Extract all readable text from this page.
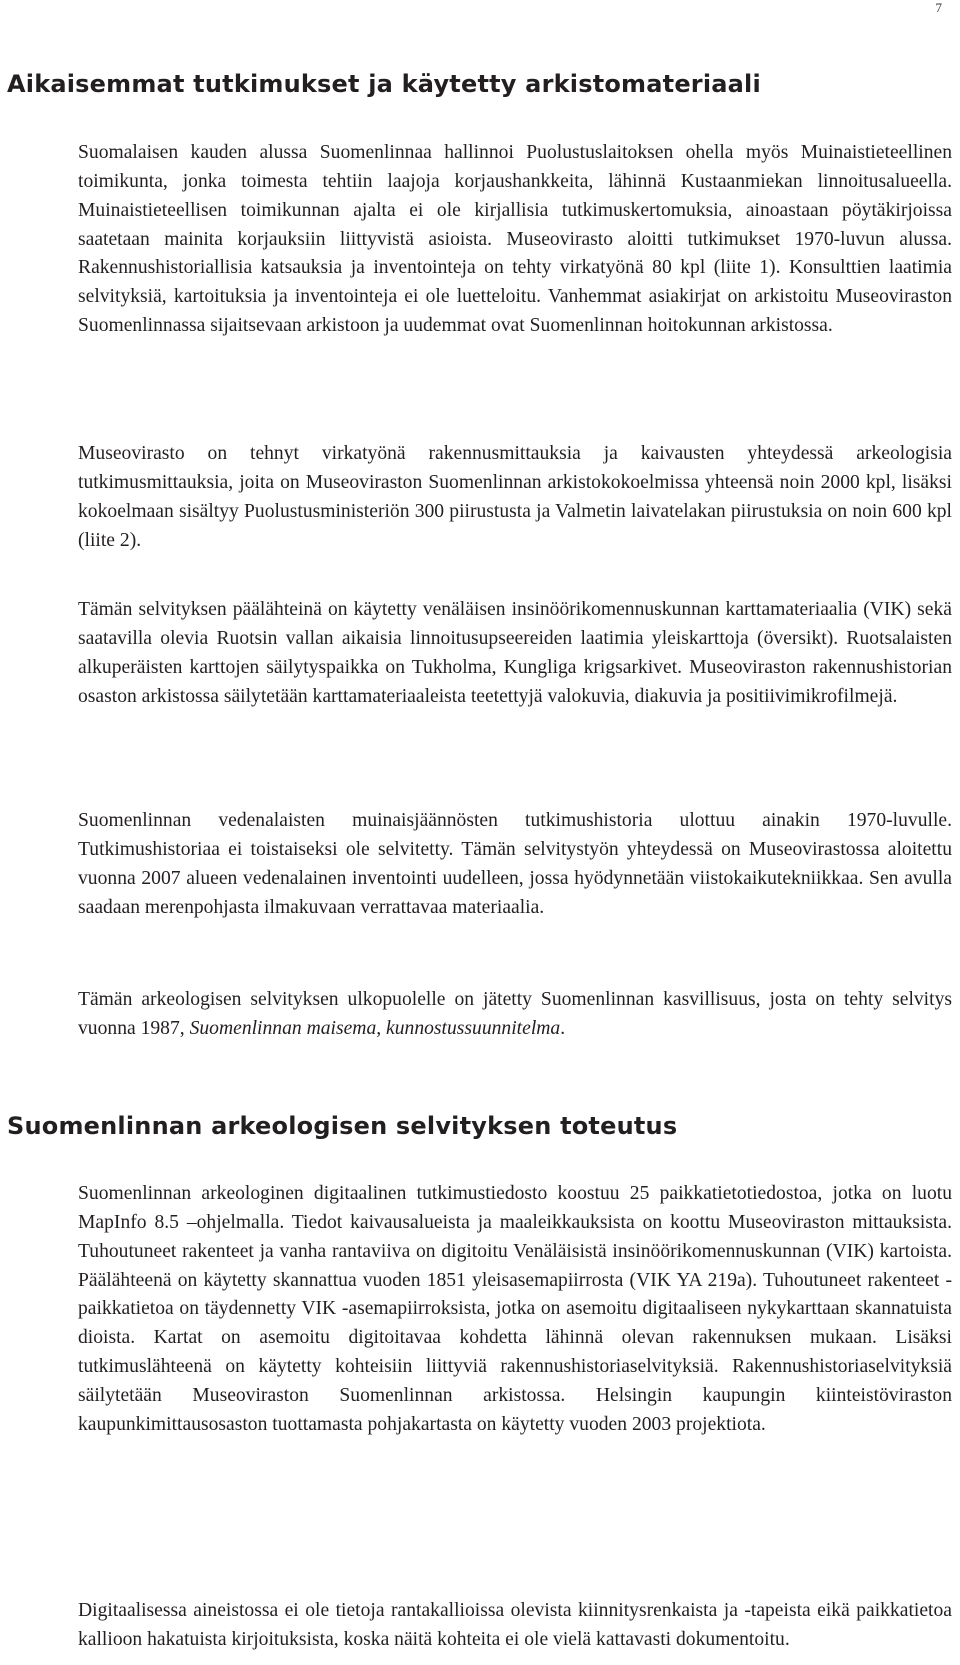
7
Aikaisemmat tutkimukset ja käytetty arkistomateriaali

Suomalaisen kauden alussa Suomenlinnaa hallinnoi Puolustuslaitoksen ohella myös Muinaistieteellinen toimikunta, jonka toimesta tehtiin laajoja korjaushankkeita, lähinnä Kustaanmiekan linnoitusalueella. Muinaistieteellisen toimikunnan ajalta ei ole kirjallisia tutkimuskertomuksia, ainoastaan pöytäkirjoissa saatetaan mainita korjauksiin liittyvistä asioista. Museovirasto aloitti tutkimukset 1970-luvun alussa. Rakennushistoriallisia katsauksia ja inventointeja on tehty virkatyönä 80 kpl (liite 1). Konsulttien laatimia selvityksiä, kartoituksia ja inventointeja ei ole luetteloitu. Vanhemmat asiakirjat on arkistoitu Museoviraston Suomenlinnassa sijaitsevaan arkistoon ja uudemmat ovat Suomenlinnan hoitokunnan arkistossa.

Museovirasto on tehnyt virkatyönä rakennusmittauksia ja kaivausten yhteydessä arkeologisia tutkimusmittauksia, joita on Museoviraston Suomenlinnan arkistokokoelmissa yhteensä noin 2000 kpl, lisäksi kokoelmaan sisältyy Puolustusministeriön 300 piirustusta ja Valmetin laivatelakan piirustuksia on noin 600 kpl (liite 2).

Tämän selvityksen päälähteinä on käytetty venäläisen insinöörikomennuskunnan karttamateriaalia (VIK) sekä saatavilla olevia Ruotsin vallan aikaisia linnoitusupseereiden laatimia yleiskarttoja (översikt). Ruotsalaisten alkuperäisten karttojen säilytyspaikka on Tukholma, Kungliga krigsarkivet. Museoviraston rakennushistorian osaston arkistossa säilytetään karttamateriaaleista teetettyjä valokuvia, diakuvia ja positiivimikrofilmejä.

Suomenlinnan vedenalaisten muinaisjäännösten tutkimushistoria ulottuu ainakin 1970-luvulle. Tutkimushistoriaa ei toistaiseksi ole selvitetty. Tämän selvitystyön yhteydessä on Museovirastossa aloitettu vuonna 2007 alueen vedenalainen inventointi uudelleen, jossa hyödynnetään viistokaikutekniikkaa. Sen avulla saadaan merenpohjasta ilmakuvaan verrattavaa materiaalia.

Tämän arkeologisen selvityksen ulkopuolelle on jätetty Suomenlinnan kasvillisuus, josta on tehty selvitys vuonna 1987, Suomenlinnan maisema, kunnostussuunnitelma.

Suomenlinnan arkeologisen selvityksen toteutus

Suomenlinnan arkeologinen digitaalinen tutkimustiedosto koostuu 25 paikkatietotiedostoa, jotka on luotu MapInfo 8.5 –ohjelmalla. Tiedot kaivausalueista ja maaleikkauksista on koottu Museoviraston mittauksista. Tuhoutuneet rakenteet ja vanha rantaviiva on digitoitu Venäläisistä insinöörikomennuskunnan (VIK) kartoista. Päälähteenä on käytetty skannattua vuoden 1851 yleisasemapiirrosta (VIK YA 219a). Tuhoutuneet rakenteet -paikkatietoa on täydennetty VIK -asemapiirroksista, jotka on asemoitu digitaaliseen nykykarttaan skannatuista dioista. Kartat on asemoitu digitoitavaa kohdetta lähinnä olevan rakennuksen mukaan. Lisäksi tutkimuslähteenä on käytetty kohteisiin liittyviä rakennushistoriaselvityksiä. Rakennushistoriaselvityksiä säilytetään Museoviraston Suomenlinnan arkistossa. Helsingin kaupungin kiinteistöviraston kaupunkimittausosaston tuottamasta pohjakartasta on käytetty vuoden 2003 projektiota.

Digitaalisessa aineistossa ei ole tietoja rantakallioissa olevista kiinnitysrenkaista ja -tapeista eikä paikkatietoa kallioon hakatuista kirjoituksista, koska näitä kohteita ei ole vielä kattavasti dokumentoitu.
